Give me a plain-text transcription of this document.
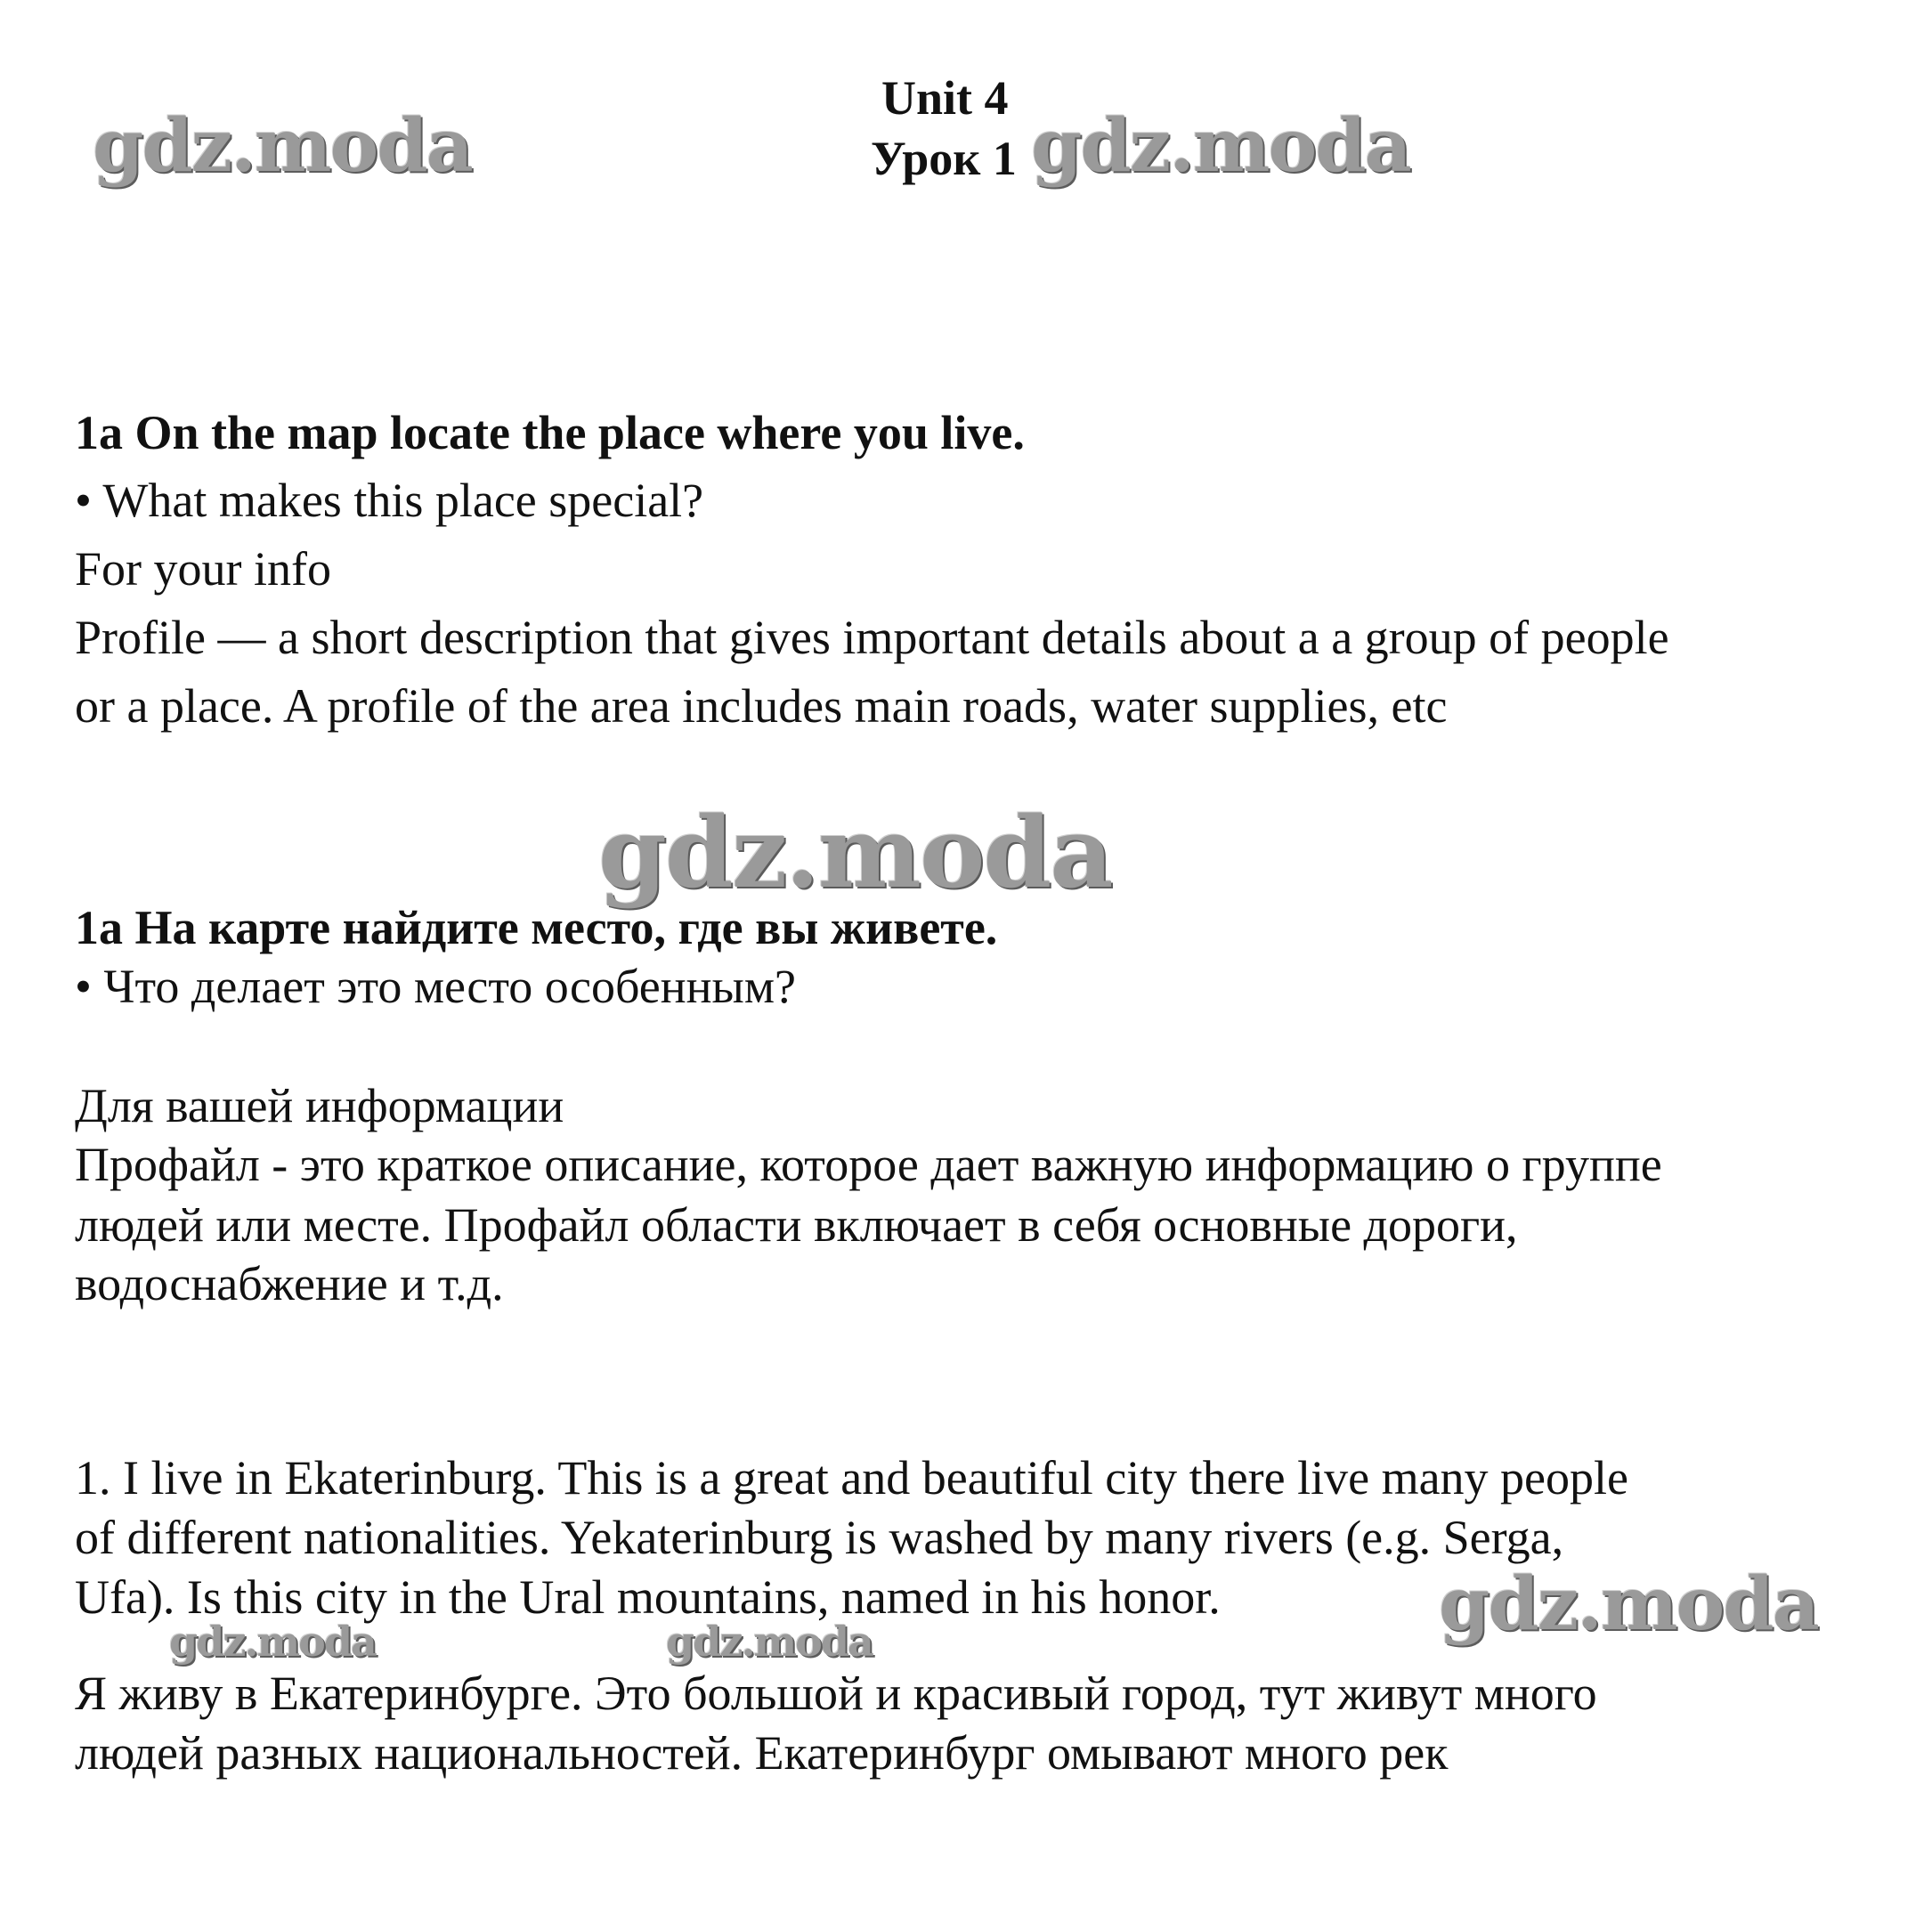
gdz.moda	gdz.moda
gdz.moda
gdz.moda
gdz.moda	gdz.moda
Unit 4
Урок 1
1a On the map locate the place where you live.
• What makes this place special?
For your info
Profile — a short description that gives important details about a a group of people
or a place. A profile of the area includes main roads, water supplies, etc
1a На карте найдите место, где вы живете.
• Что делает это место особенным?
Для вашей информации
Профайл - это краткое описание, которое дает важную информацию о группе
людей или месте. Профайл области включает в себя основные дороги,
водоснабжение и т.д.
1. I live in Ekaterinburg. This is a great and beautiful city there live many people
of different nationalities. Yekaterinburg is washed by many rivers (e.g. Serga,
Ufa). Is this city in the Ural mountains, named in his honor.
Я живу в Екатеринбурге. Это большой и красивый город, тут живут много
людей разных национальностей. Екатеринбург омывают много рек
